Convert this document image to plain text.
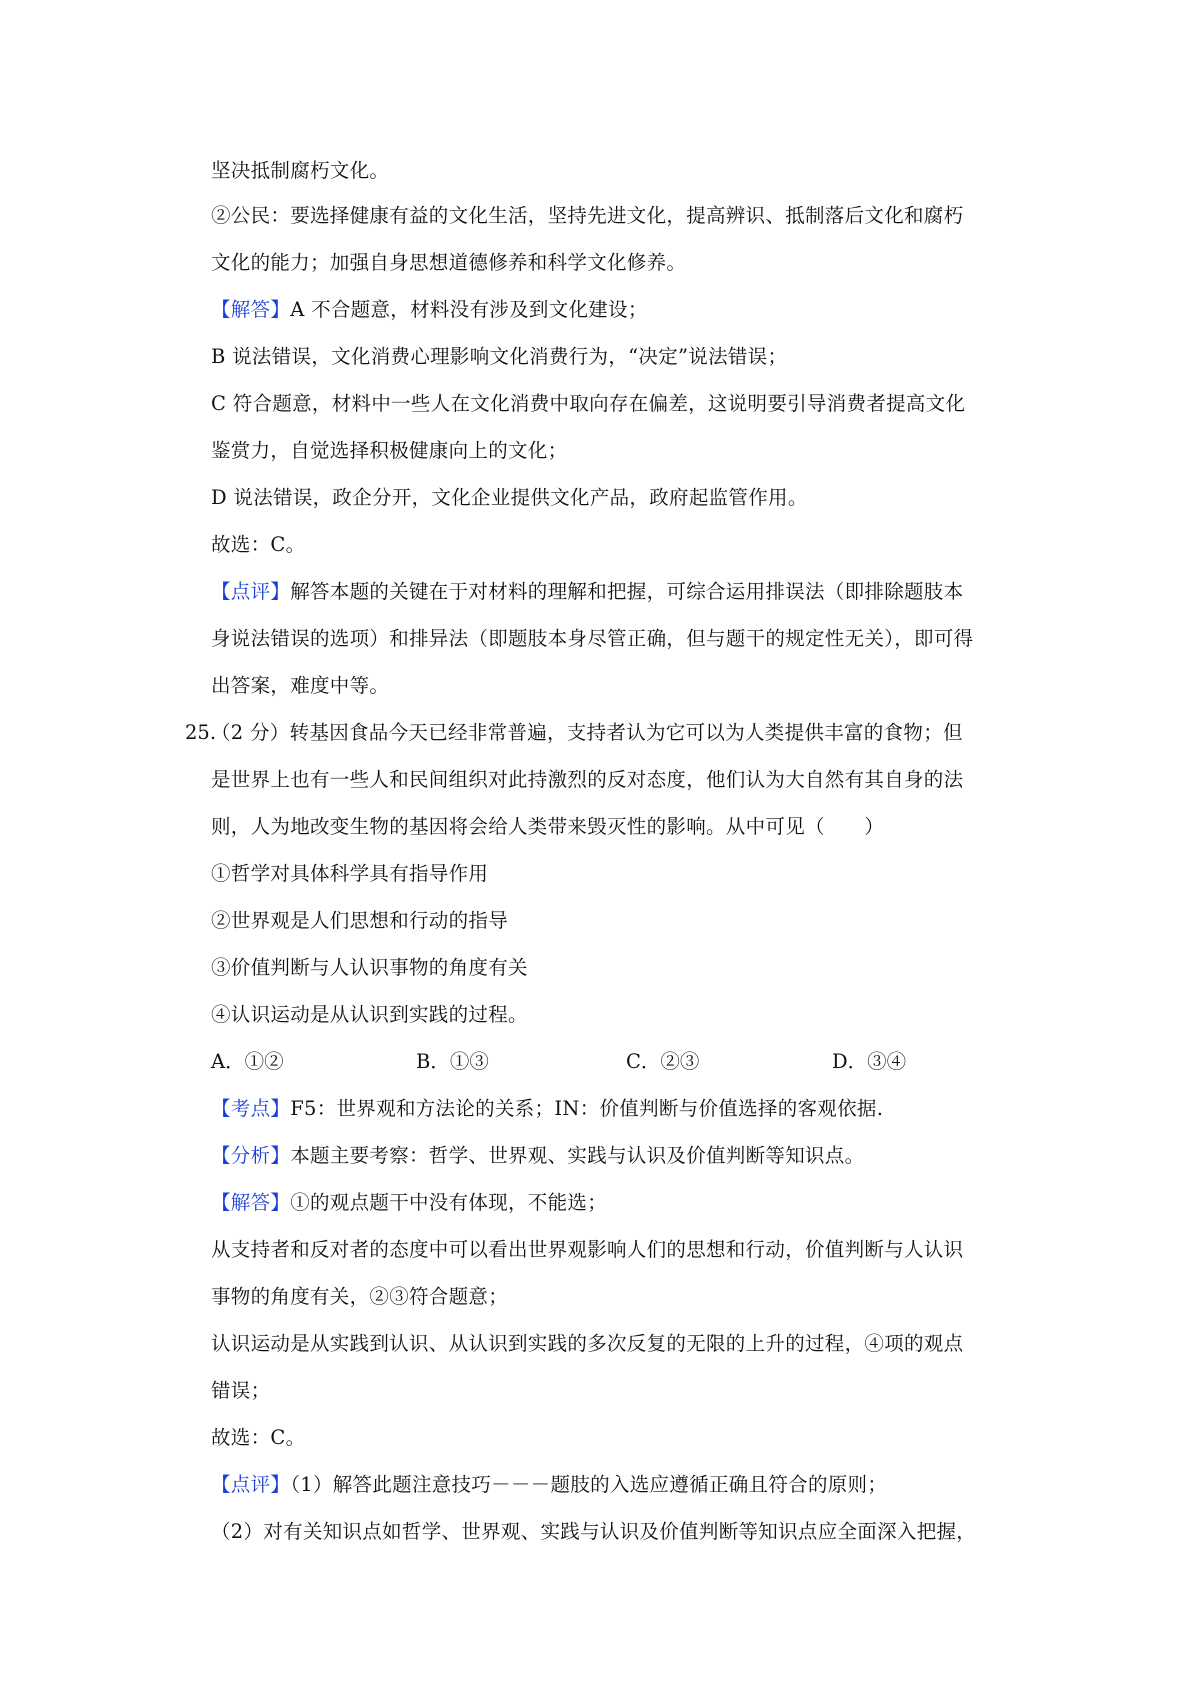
坚决抵制腐朽文化。
②公民：要选择健康有益的文化生活，坚持先进文化，提高辨识、抵制落后文化和腐朽
文化的能力；加强自身思想道德修养和科学文化修养。
【解答】A 不合题意，材料没有涉及到文化建设；
B 说法错误，文化消费心理影响文化消费行为，“决定”说法错误；
C 符合题意，材料中一些人在文化消费中取向存在偏差，这说明要引导消费者提高文化
鉴赏力，自觉选择积极健康向上的文化；
D 说法错误，政企分开，文化企业提供文化产品，政府起监管作用。
故选：C。
【点评】解答本题的关键在于对材料的理解和把握，可综合运用排误法（即排除题肢本
身说法错误的选项）和排异法（即题肢本身尽管正确，但与题干的规定性无关），即可得
出答案，难度中等。
25.
（2 分）转基因食品今天已经非常普遍，支持者认为它可以为人类提供丰富的食物；但
是世界上也有一些人和民间组织对此持激烈的反对态度，他们认为大自然有其自身的法
则，人为地改变生物的基因将会给人类带来毁灭性的影响。从中可见（　　）
①哲学对具体科学具有指导作用
②世界观是人们思想和行动的指导
③价值判断与人认识事物的角度有关
④认识运动是从认识到实践的过程。
A．①②	B．①③	C．②③	D．③④
【考点】F5：世界观和方法论的关系；IN：价值判断与价值选择的客观依据.
【分析】本题主要考察：哲学、世界观、实践与认识及价值判断等知识点。
【解答】①的观点题干中没有体现，不能选；
从支持者和反对者的态度中可以看出世界观影响人们的思想和行动，价值判断与人认识
事物的角度有关，②③符合题意；
认识运动是从实践到认识、从认识到实践的多次反复的无限的上升的过程，④项的观点
错误；
故选：C。
【点评】（1）解答此题注意技巧－－－题肢的入选应遵循正确且符合的原则；
（2）对有关知识点如哲学、世界观、实践与认识及价值判断等知识点应全面深入把握，
